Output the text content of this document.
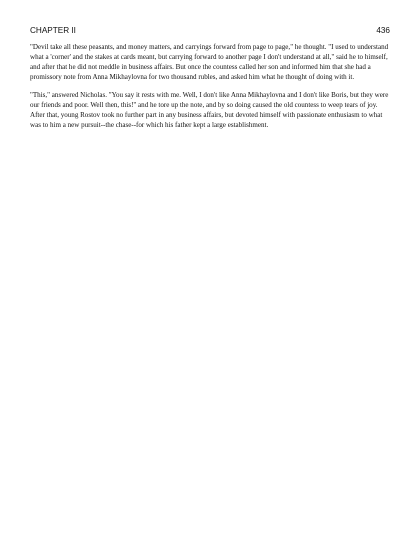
CHAPTER II	436

"Devil take all these peasants, and money matters, and carryings forward from page to page," he thought. "I used to understand what a 'corner' and the stakes at cards meant, but carrying forward to another page I don't understand at all," said he to himself, and after that he did not meddle in business affairs. But once the countess called her son and informed him that she had a promissory note from Anna Mikhaylovna for two thousand rubles, and asked him what he thought of doing with it.

"This," answered Nicholas. "You say it rests with me. Well, I don't like Anna Mikhaylovna and I don't like Boris, but they were our friends and poor. Well then, this!" and he tore up the note, and by so doing caused the old countess to weep tears of joy. After that, young Rostov took no further part in any business affairs, but devoted himself with passionate enthusiasm to what was to him a new pursuit--the chase--for which his father kept a large establishment.
